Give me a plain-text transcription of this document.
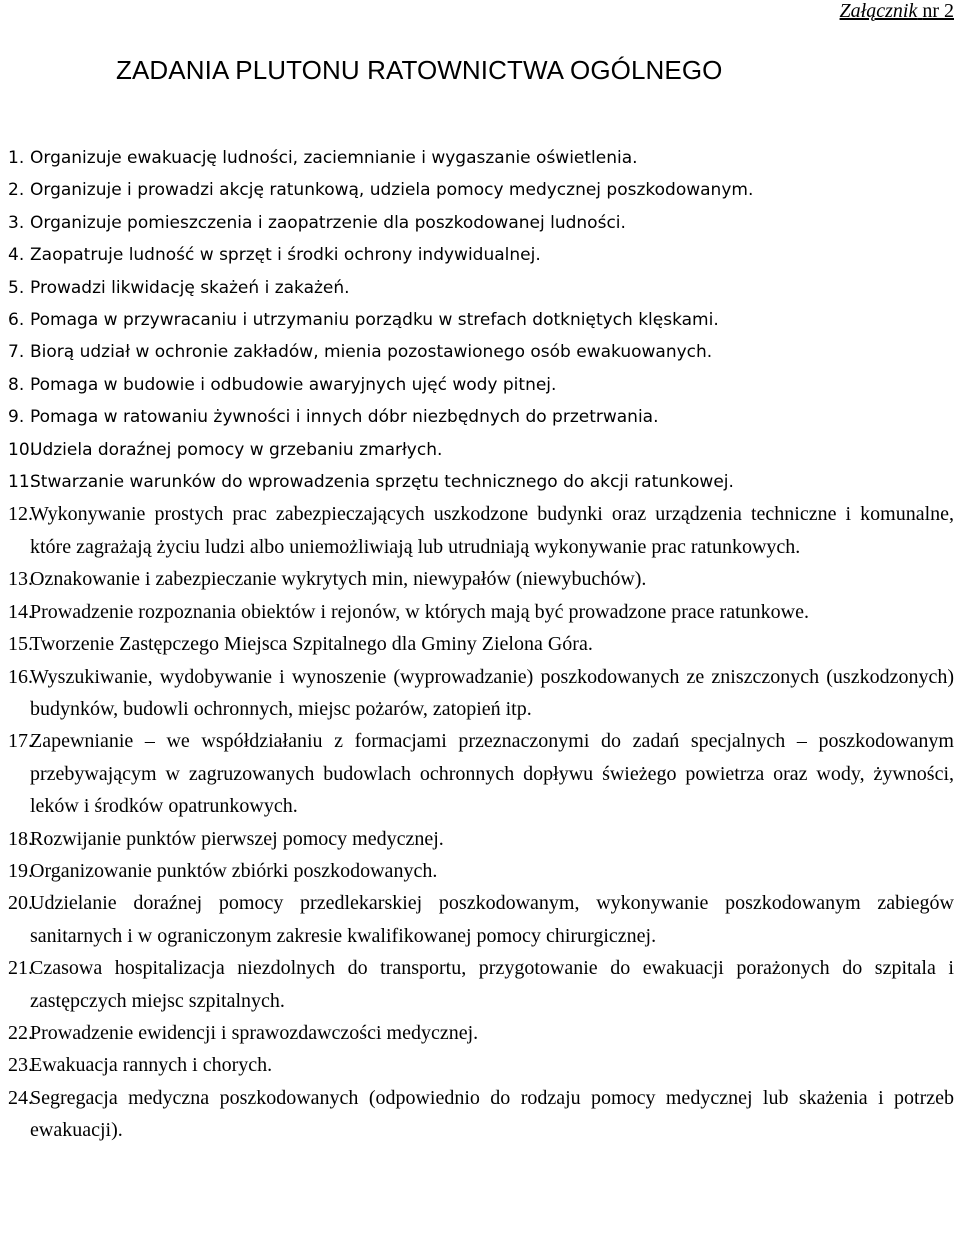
Załącznik nr 2
ZADANIA PLUTONU RATOWNICTWA OGÓLNEGO
1. Organizuje ewakuację ludności, zaciemnianie i wygaszanie oświetlenia.
2. Organizuje i prowadzi akcję ratunkową, udziela pomocy medycznej poszkodowanym.
3. Organizuje pomieszczenia i zaopatrzenie dla poszkodowanej ludności.
4. Zaopatruje ludność w sprzęt i środki ochrony indywidualnej.
5. Prowadzi likwidację skażeń i zakażeń.
6. Pomaga w przywracaniu i utrzymaniu porządku w strefach dotkniętych klęskami.
7. Biorą udział w ochronie zakładów, mienia pozostawionego osób ewakuowanych.
8. Pomaga w budowie i odbudowie awaryjnych ujęć wody pitnej.
9. Pomaga w ratowaniu żywności i innych dóbr niezbędnych do przetrwania.
10.
Udziela doraźnej pomocy w grzebaniu zmarłych.
11.
Stwarzanie warunków do wprowadzenia sprzętu technicznego do akcji ratunkowej.
12.
Wykonywanie prostych prac zabezpieczających uszkodzone budynki oraz urządzenia techniczne i komunalne, które zagrażają życiu ludzi albo uniemożliwiają lub utrudniają wykonywanie prac ratunkowych.
13.
Oznakowanie i zabezpieczanie wykrytych min, niewypałów (niewybuchów).
14.
Prowadzenie rozpoznania obiektów i rejonów, w których mają być prowadzone prace ratunkowe.
15.
Tworzenie Zastępczego Miejsca Szpitalnego dla Gminy Zielona Góra.
16.
Wyszukiwanie, wydobywanie i wynoszenie (wyprowadzanie) poszkodowanych ze zniszczonych (uszkodzonych) budynków, budowli ochronnych, miejsc pożarów, zatopień itp.
17.
Zapewnianie – we współdziałaniu z formacjami przeznaczonymi do zadań specjalnych – poszkodowanym przebywającym w zagruzowanych budowlach ochronnych dopływu świeżego powietrza oraz wody, żywności, leków i środków opatrunkowych.
18.
Rozwijanie punktów pierwszej pomocy medycznej.
19.
Organizowanie punktów zbiórki poszkodowanych.
20.
Udzielanie doraźnej pomocy przedlekarskiej poszkodowanym, wykonywanie poszkodowanym zabiegów sanitarnych i w ograniczonym zakresie kwalifikowanej pomocy chirurgicznej.
21.
Czasowa hospitalizacja niezdolnych do transportu, przygotowanie do ewakuacji porażonych do szpitala i zastępczych miejsc szpitalnych.
22.
Prowadzenie ewidencji i sprawozdawczości medycznej.
23.
Ewakuacja rannych i chorych.
24.
Segregacja medyczna poszkodowanych (odpowiednio do rodzaju pomocy medycznej lub skażenia i potrzeb ewakuacji).
